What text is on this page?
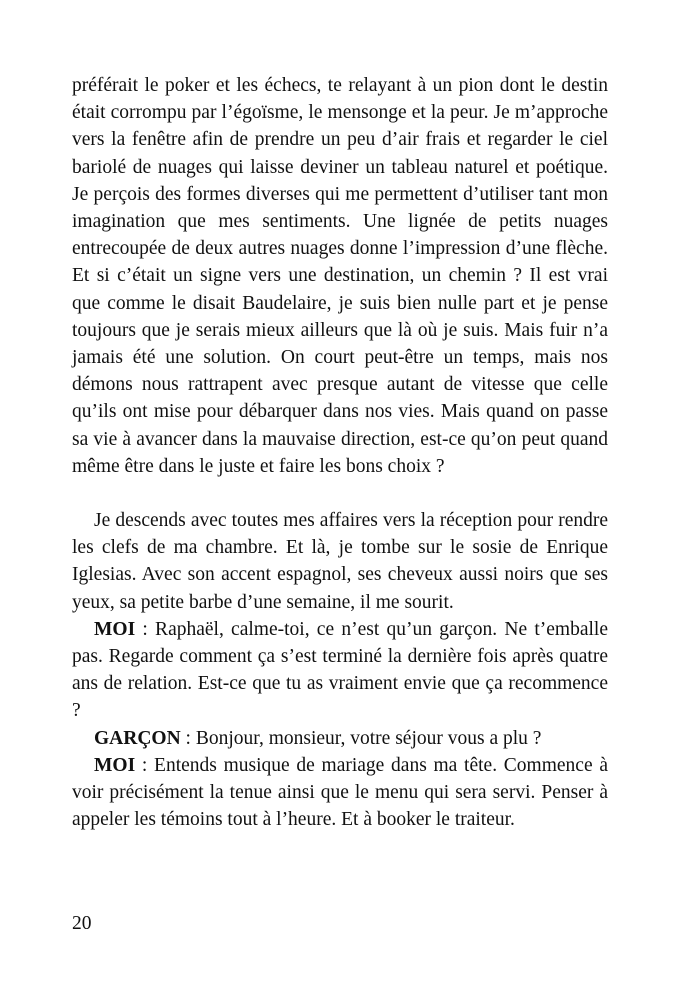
préférait le poker et les échecs, te relayant à un pion dont le destin était corrompu par l’égoïsme, le mensonge et la peur. Je m’approche vers la fenêtre afin de prendre un peu d’air frais et regarder le ciel bariolé de nuages qui laisse deviner un tableau naturel et poétique. Je perçois des formes diverses qui me permettent d’utiliser tant mon imagination que mes sentiments. Une lignée de petits nuages entrecoupée de deux autres nuages donne l’impression d’une flèche. Et si c’était un signe vers une destination, un chemin ? Il est vrai que comme le disait Baudelaire, je suis bien nulle part et je pense toujours que je serais mieux ailleurs que là où je suis. Mais fuir n’a jamais été une solution. On court peut-être un temps, mais nos démons nous rattrapent avec presque autant de vitesse que celle qu’ils ont mise pour débarquer dans nos vies. Mais quand on passe sa vie à avancer dans la mauvaise direction, est-ce qu’on peut quand même être dans le juste et faire les bons choix ?

Je descends avec toutes mes affaires vers la réception pour rendre les clefs de ma chambre. Et là, je tombe sur le sosie de Enrique Iglesias. Avec son accent espagnol, ses cheveux aussi noirs que ses yeux, sa petite barbe d’une semaine, il me sourit.

MOI : Raphaël, calme-toi, ce n’est qu’un garçon. Ne t’emballe pas. Regarde comment ça s’est terminé la dernière fois après quatre ans de relation. Est-ce que tu as vraiment envie que ça recommence ?

GARÇON : Bonjour, monsieur, votre séjour vous a plu ?

MOI : Entends musique de mariage dans ma tête. Commence à voir précisément la tenue ainsi que le menu qui sera servi. Penser à appeler les témoins tout à l’heure. Et à booker le traiteur.

20
